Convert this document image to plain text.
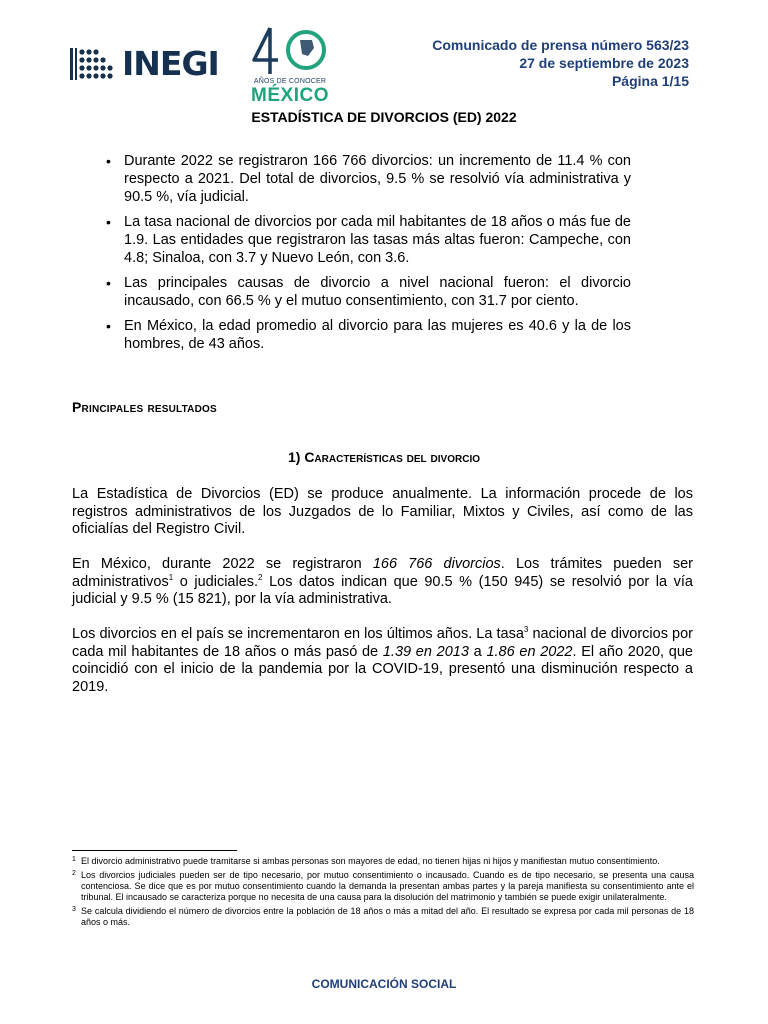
INEGI	AÑOS DE CONOCER
MÉXICO
Comunicado de prensa número 563/23
27 de septiembre de 2023
Página 1/15
ESTADÍSTICA DE DIVORCIOS (ED) 2022
• Durante 2022 se registraron 166 766 divorcios: un incremento de 11.4 % con respecto a 2021. Del total de divorcios, 9.5 % se resolvió vía administrativa y 90.5 %, vía judicial.
• La tasa nacional de divorcios por cada mil habitantes de 18 años o más fue de 1.9. Las entidades que registraron las tasas más altas fueron: Campeche, con 4.8; Sinaloa, con 3.7 y Nuevo León, con 3.6.
• Las principales causas de divorcio a nivel nacional fueron: el divorcio incausado, con 66.5 % y el mutuo consentimiento, con 31.7 por ciento.
• En México, la edad promedio al divorcio para las mujeres es 40.6 y la de los hombres, de 43 años.
Principales resultados
1) Características del divorcio

La Estadística de Divorcios (ED) se produce anualmente. La información procede de los registros administrativos de los Juzgados de lo Familiar, Mixtos y Civiles, así como de las oficialías del Registro Civil.

En México, durante 2022 se registraron 166 766 divorcios. Los trámites pueden ser administrativos$^1$ o judiciales.$^2$ Los datos indican que 90.5 % (150 945) se resolvió por la vía judicial y 9.5 % (15 821), por la vía administrativa.

Los divorcios en el país se incrementaron en los últimos años. La tasa$^3$ nacional de divorcios por cada mil habitantes de 18 años o más pasó de 1.39 en 2013 a 1.86 en 2022. El año 2020, que coincidió con el inicio de la pandemia por la COVID-19, presentó una disminución respecto a 2019.

1 El divorcio administrativo puede tramitarse si ambas personas son mayores de edad, no tienen hijas ni hijos y manifiestan mutuo consentimiento.
2 Los divorcios judiciales pueden ser de tipo necesario, por mutuo consentimiento o incausado. Cuando es de tipo necesario, se presenta una causa contenciosa. Se dice que es por mutuo consentimiento cuando la demanda la presentan ambas partes y la pareja manifiesta su consentimiento ante el tribunal. El incausado se caracteriza porque no necesita de una causa para la disolución del matrimonio y también se puede exigir unilateralmente.
3 Se calcula dividiendo el número de divorcios entre la población de 18 años o más a mitad del año. El resultado se expresa por cada mil personas de 18 años o más.
COMUNICACIÓN SOCIAL
